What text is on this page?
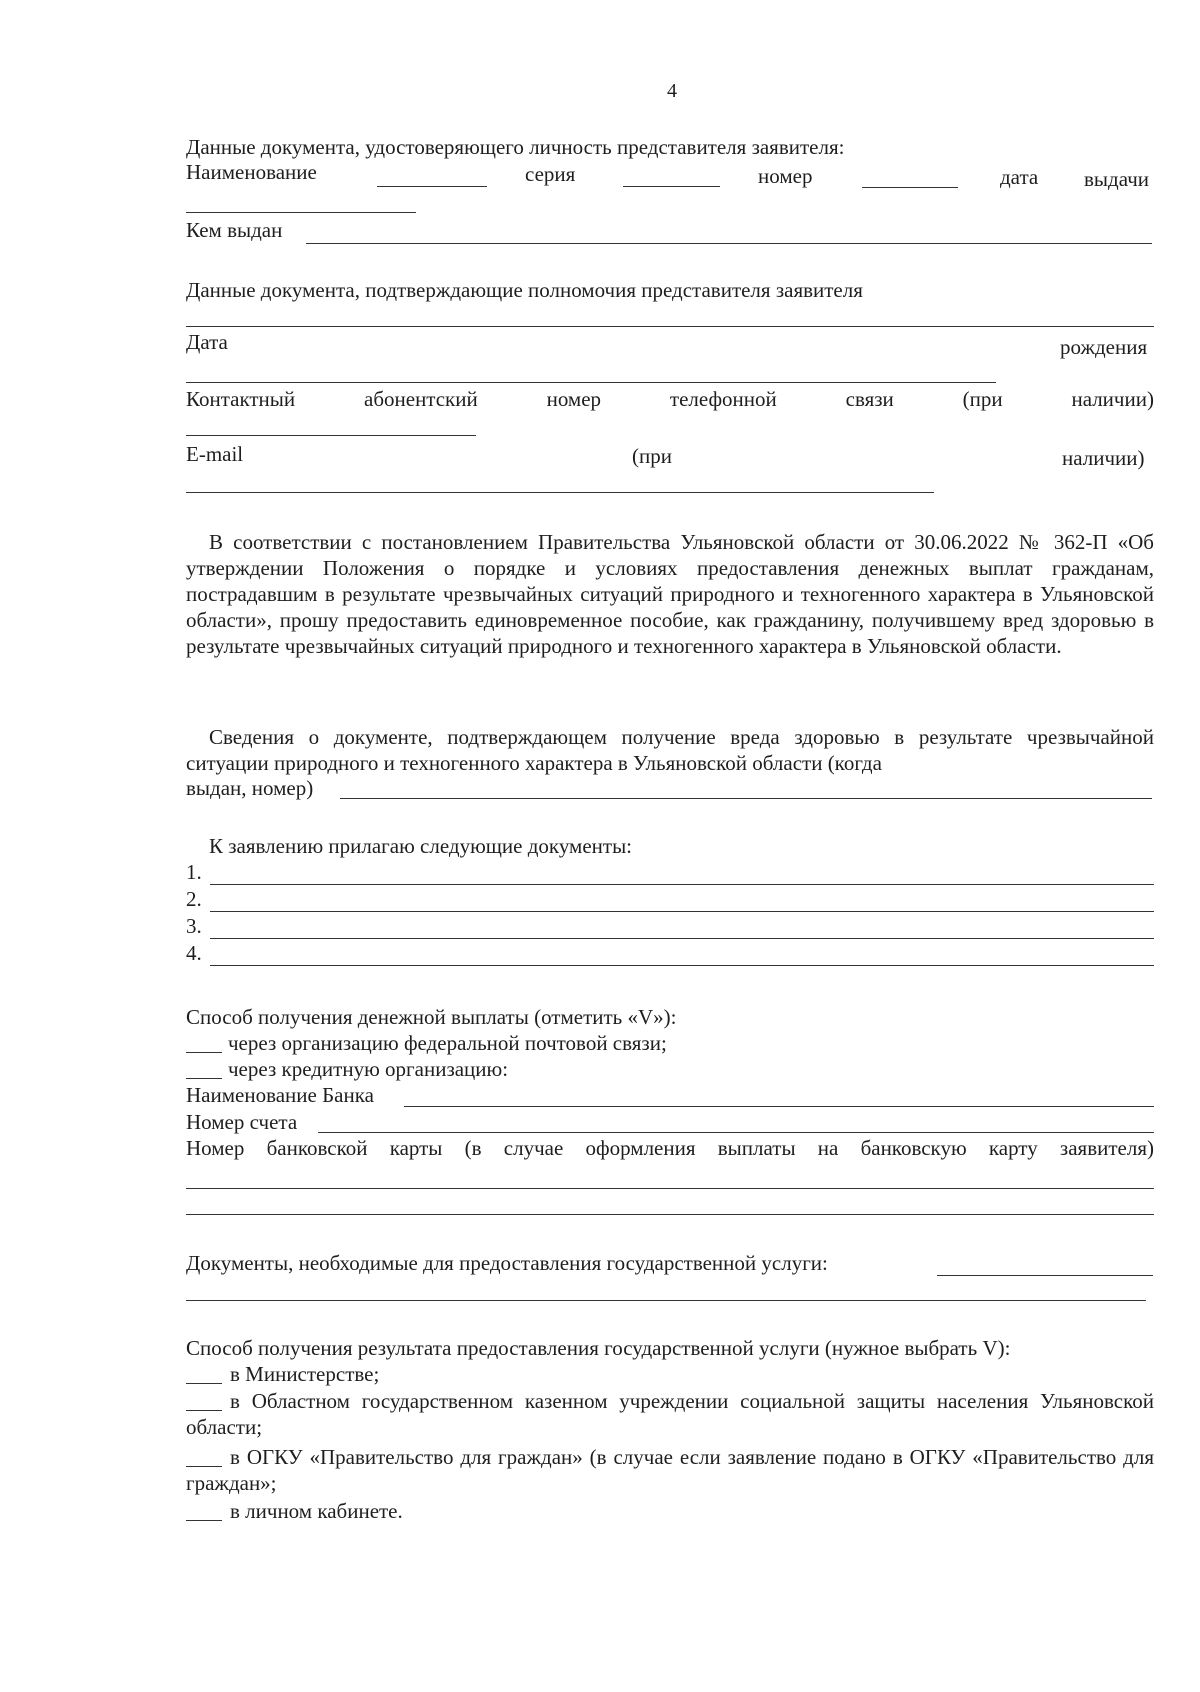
4
Данные документа, удостоверяющего личность представителя заявителя:
Наименование	серия	номер	дата выдачи
Кем выдан
Данные документа, подтверждающие полномочия представителя заявителя
Дата	рождения
Контактный	абонентский	номер	телефонной	связи	(при	наличии)
E-mail	(при	наличии)
В соответствии с постановлением Правительства Ульяновской области от 30.06.2022 № 362-П «Об утверждении Положения о порядке и условиях предоставления денежных выплат гражданам, пострадавшим в результате чрезвычайных ситуаций природного и техногенного характера в Ульяновской области», прошу предоставить единовременное пособие, как гражданину, получившему вред здоровью в результате чрезвычайных ситуаций природного и техногенного характера в Ульяновской области.
Сведения о документе, подтверждающем получение вреда здоровью в результате чрезвычайной ситуации природного и техногенного характера в Ульяновской области (когда
выдан, номер)
К заявлению прилагаю следующие документы:
1.
2.
3.
4.
Способ получения денежной выплаты (отметить «V»):
через организацию федеральной почтовой связи;
через кредитную организацию:
Наименование Банка
Номер счета
Номер банковской карты (в случае оформления выплаты на банковскую карту заявителя)
Документы, необходимые для предоставления государственной услуги:
Способ получения результата предоставления государственной услуги (нужное выбрать V):
в Министерстве;
в Областном государственном казенном учреждении социальной защиты населения Ульяновской области;
в ОГКУ «Правительство для граждан» (в случае если заявление подано в ОГКУ «Правительство для граждан»;
в личном кабинете.
